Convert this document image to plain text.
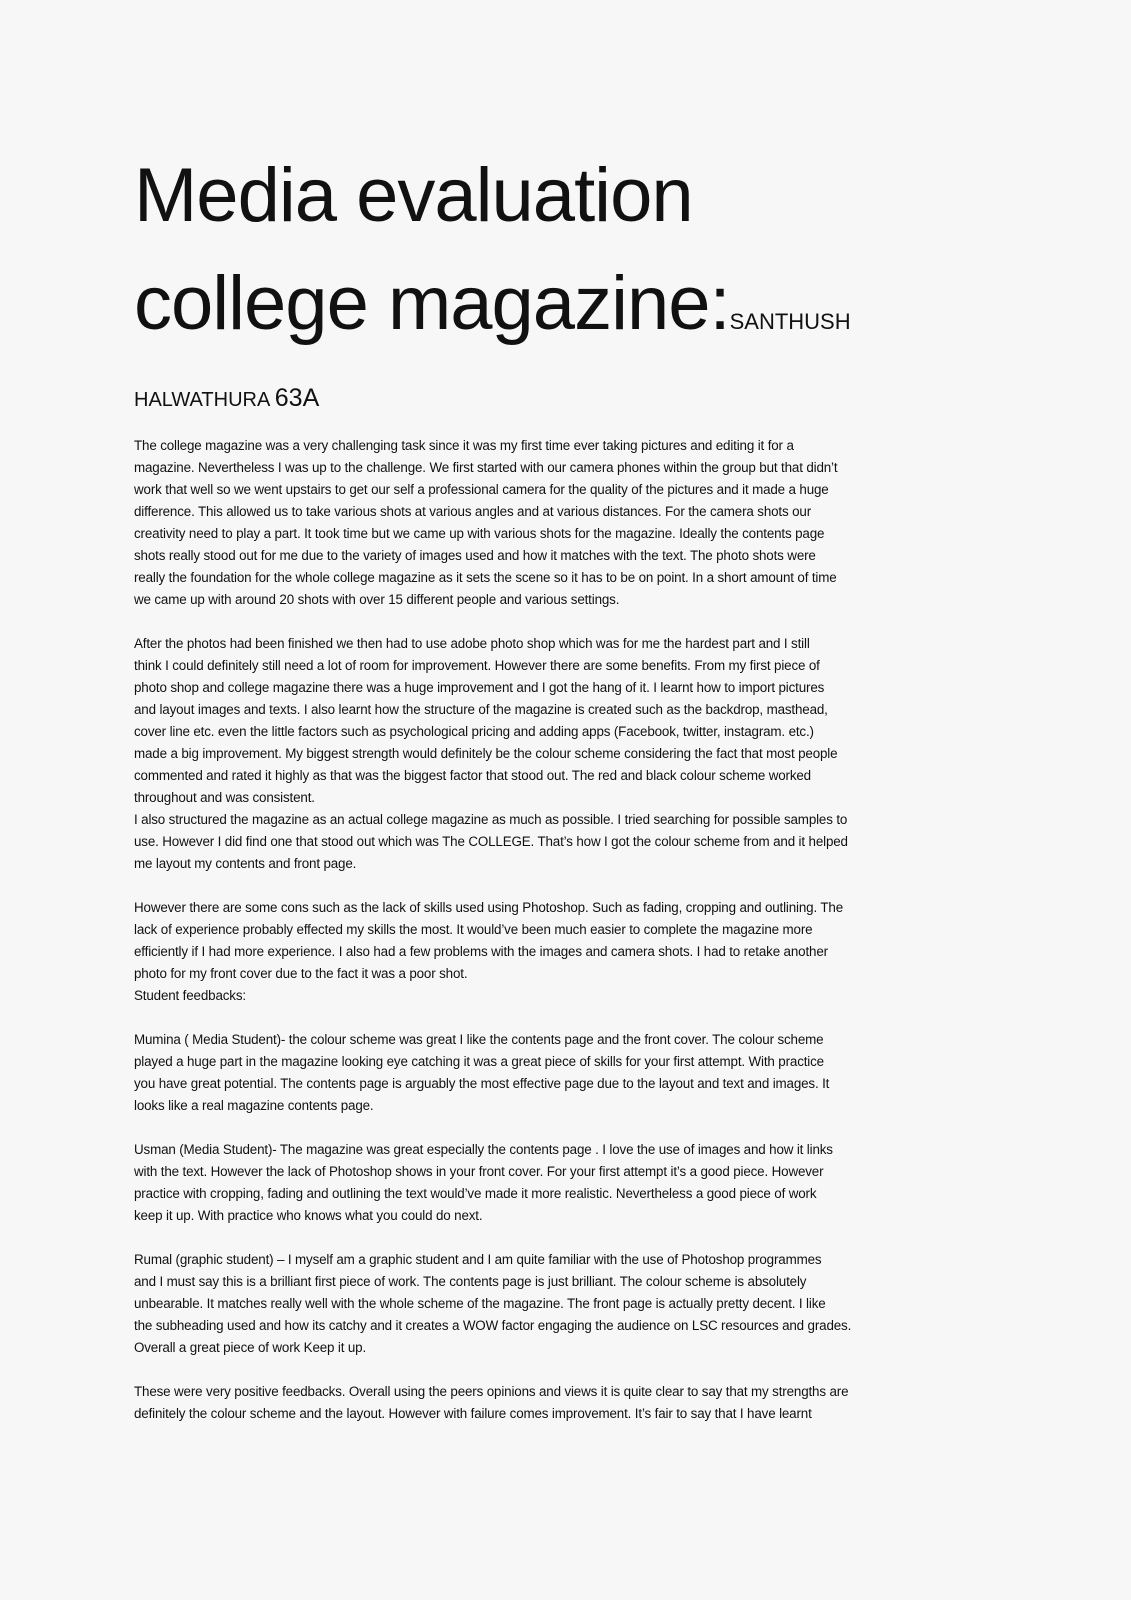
Media evaluation
college magazine:SANTHUSH
HALWATHURA 63A
The college magazine was a very challenging task since it was my first time ever taking pictures and editing it for a
magazine. Nevertheless I was up to the challenge. We first started with our camera phones within the group but that didn’t
work that well so we went upstairs to get our self a professional camera for the quality of the pictures and it made a huge
difference. This allowed us to take various shots at various angles and at various distances. For the camera shots our
creativity need to play a part. It took time but we came up with various shots for the magazine. Ideally the contents page
shots really stood out for me due to the variety of images used and how it matches with the text. The photo shots were
really the foundation for the whole college magazine as it sets the scene so it has to be on point. In a short amount of time
we came up with around 20 shots with over 15 different people and various settings.
After the photos had been finished we then had to use adobe photo shop which was for me the hardest part and I still
think I could definitely still need a lot of room for improvement. However there are some benefits. From my first piece of
photo shop and college magazine there was a huge improvement and I got the hang of it. I learnt how to import pictures
and layout images and texts. I also learnt how the structure of the magazine is created such as the backdrop, masthead,
cover line etc. even the little factors such as psychological pricing and adding apps (Facebook, twitter, instagram. etc.)
made a big improvement. My biggest strength would definitely be the colour scheme considering the fact that most people
commented and rated it highly as that was the biggest factor that stood out. The red and black colour scheme worked
throughout and was consistent.
I also structured the magazine as an actual college magazine as much as possible. I tried searching for possible samples to
use. However I did find one that stood out which was The COLLEGE. That’s how I got the colour scheme from and it helped
me layout my contents and front page.
However there are some cons such as the lack of skills used using Photoshop. Such as fading, cropping and outlining. The
lack of experience probably effected my skills the most. It would’ve been much easier to complete the magazine more
efficiently if I had more experience. I also had a few problems with the images and camera shots. I had to retake another
photo for my front cover due to the fact it was a poor shot.
Student feedbacks:
Mumina ( Media Student)- the colour scheme was great I like the contents page and the front cover. The colour scheme
played a huge part in the magazine looking eye catching it was a great piece of skills for your first attempt. With practice
you have great potential. The contents page is arguably the most effective page due to the layout and text and images. It
looks like a real magazine contents page.
Usman (Media Student)- The magazine was great especially the contents page . I love the use of images and how it links
with the text. However the lack of Photoshop shows in your front cover. For your first attempt it’s a good piece. However
practice with cropping, fading and outlining the text would’ve made it more realistic. Nevertheless a good piece of work
keep it up. With practice who knows what you could do next.
Rumal (graphic student) – I myself am a graphic student and I am quite familiar with the use of Photoshop programmes
and I must say this is a brilliant first piece of work. The contents page is just brilliant. The colour scheme is absolutely
unbearable. It matches really well with the whole scheme of the magazine. The front page is actually pretty decent. I like
the subheading used and how its catchy and it creates a WOW factor engaging the audience on LSC resources and grades.
Overall a great piece of work Keep it up.
These were very positive feedbacks. Overall using the peers opinions and views it is quite clear to say that my strengths are
definitely the colour scheme and the layout. However with failure comes improvement. It’s fair to say that I have learnt
